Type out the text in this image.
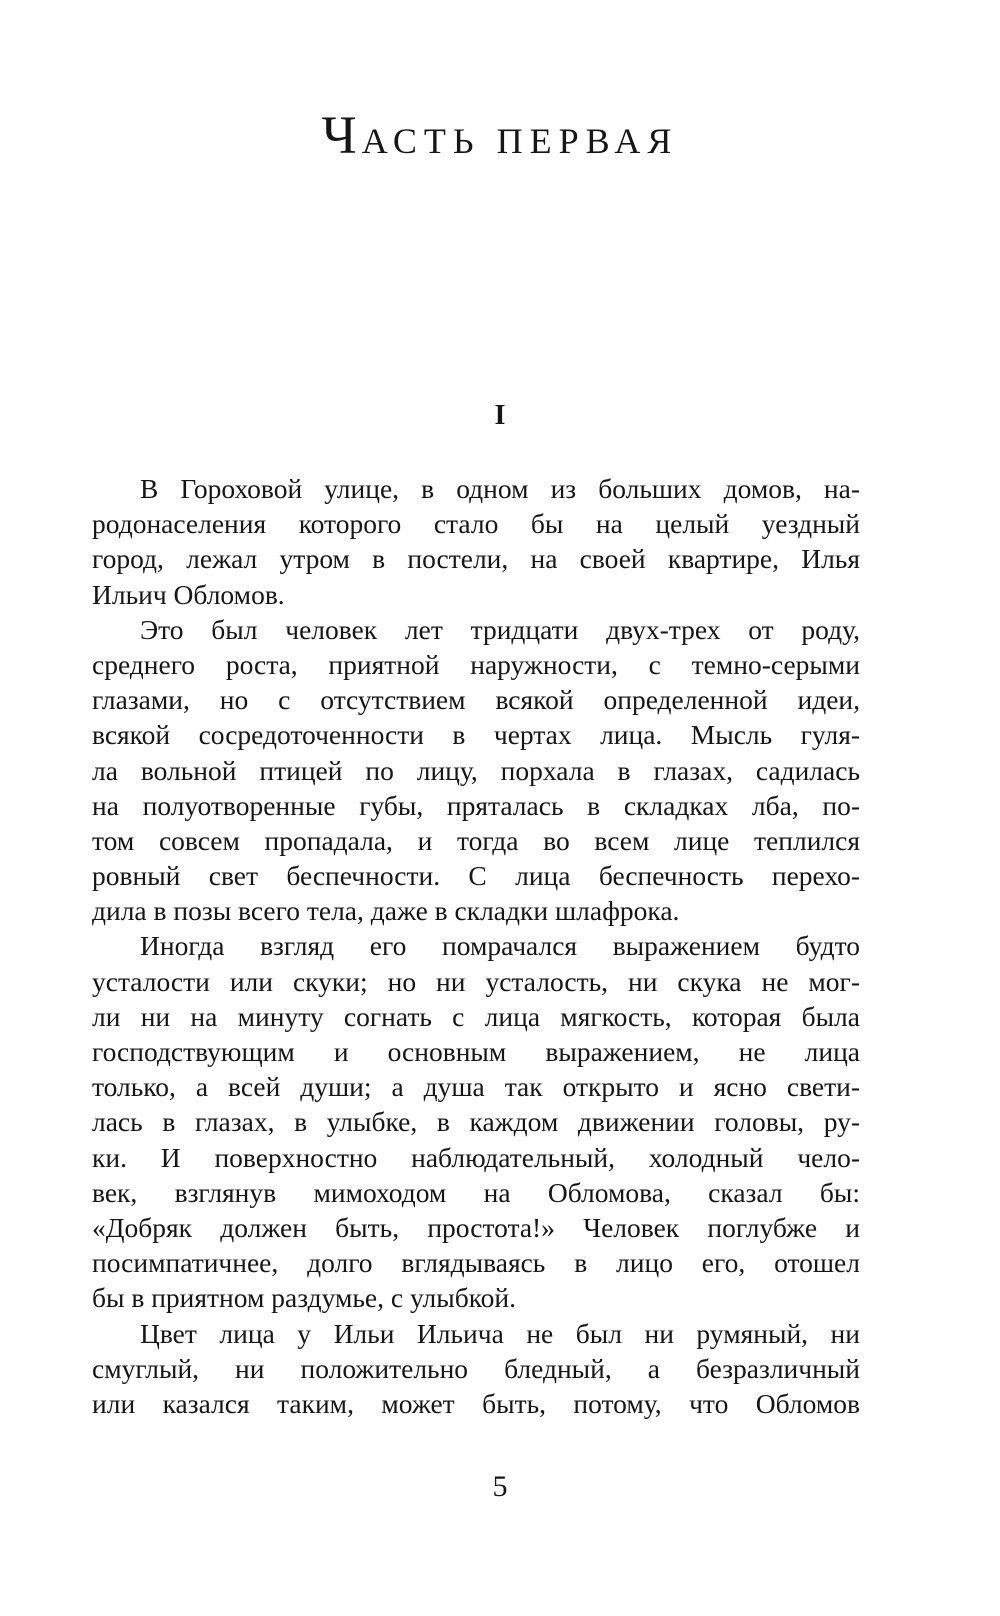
ЧАСТЬ ПЕРВАЯ
I
В Гороховой улице, в одном из больших домов, на-
родонаселения которого стало бы на целый уездный
город, лежал утром в постели, на своей квартире, Илья
Ильич Обломов.
Это был человек лет тридцати двух-трех от роду,
среднего роста, приятной наружности, с темно-серыми
глазами, но с отсутствием всякой определенной идеи,
всякой сосредоточенности в чертах лица. Мысль гуля-
ла вольной птицей по лицу, порхала в глазах, садилась
на полуотворенные губы, пряталась в складках лба, по-
том совсем пропадала, и тогда во всем лице теплился
ровный свет беспечности. С лица беспечность перехо-
дила в позы всего тела, даже в складки шлафрока.
Иногда взгляд его помрачался выражением будто
усталости или скуки; но ни усталость, ни скука не мог-
ли ни на минуту согнать с лица мягкость, которая была
господствующим и основным выражением, не лица
только, а всей души; а душа так открыто и ясно свети-
лась в глазах, в улыбке, в каждом движении головы, ру-
ки. И поверхностно наблюдательный, холодный чело-
век, взглянув мимоходом на Обломова, сказал бы:
«Добряк должен быть, простота!» Человек поглубже и
посимпатичнее, долго вглядываясь в лицо его, отошел
бы в приятном раздумье, с улыбкой.
Цвет лица у Ильи Ильича не был ни румяный, ни
смуглый, ни положительно бледный, а безразличный
или казался таким, может быть, потому, что Обломов
5
